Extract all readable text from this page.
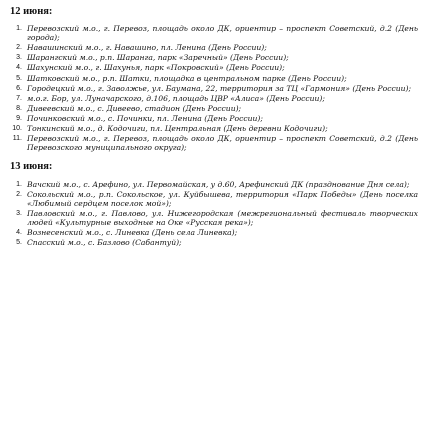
12 июня:
1. Перевозский м.о., г. Перевоз, площадь около ДК, ориентир – проспект Советский, д.2 (День города);
2. Навашинский м.о., г. Навашино, пл. Ленина (День России);
3. Шарангский м.о., р.п. Шаранга, парк «Заречный» (День России);
4. Шахунский м.о., г. Шахунья, парк «Покровский» (День России);
5. Шатковский м.о., р.п. Шатки, площадка в центральном парке (День России);
6. Городецкий м.о., г. Заволжье, ул. Баумана, 22, территория за ТЦ «Гармония» (День России);
7. м.о.г. Бор, ул. Луначарского, д.106, площадь ЦВР «Алиса» (День России);
8. Дивеевский м.о., с. Дивеево, стадион (День России);
9. Починковский м.о., с. Починки, пл. Ленина (День России);
10. Тонкинский м.о., д. Кодочиги, пл. Центральная (День деревни Кодочиги);
11. Перевозский м.о., г. Перевоз, площадь около ДК, ориентир – проспект Советский, д.2 (День Перевозского муниципального округа);
13 июня:
1. Вачский м.о., с. Арефино, ул. Первомайская, у д.60, Арефинский ДК (празднование Дня села);
2. Сокольский м.о., р.п. Сокольское, ул. Куйбышева, территория «Парк Победы» (День поселка «Любимый сердцем поселок мой»);
3. Павловский м.о., г. Павлово, ул. Нижегородская (межрегиональный фестиваль творческих людей «Культурные выходные на Оке «Русская река»);
4. Вознесенский м.о., с. Линевка (День села Линевка);
5. Спасский м.о., с. Базлово (Сабантуй);
